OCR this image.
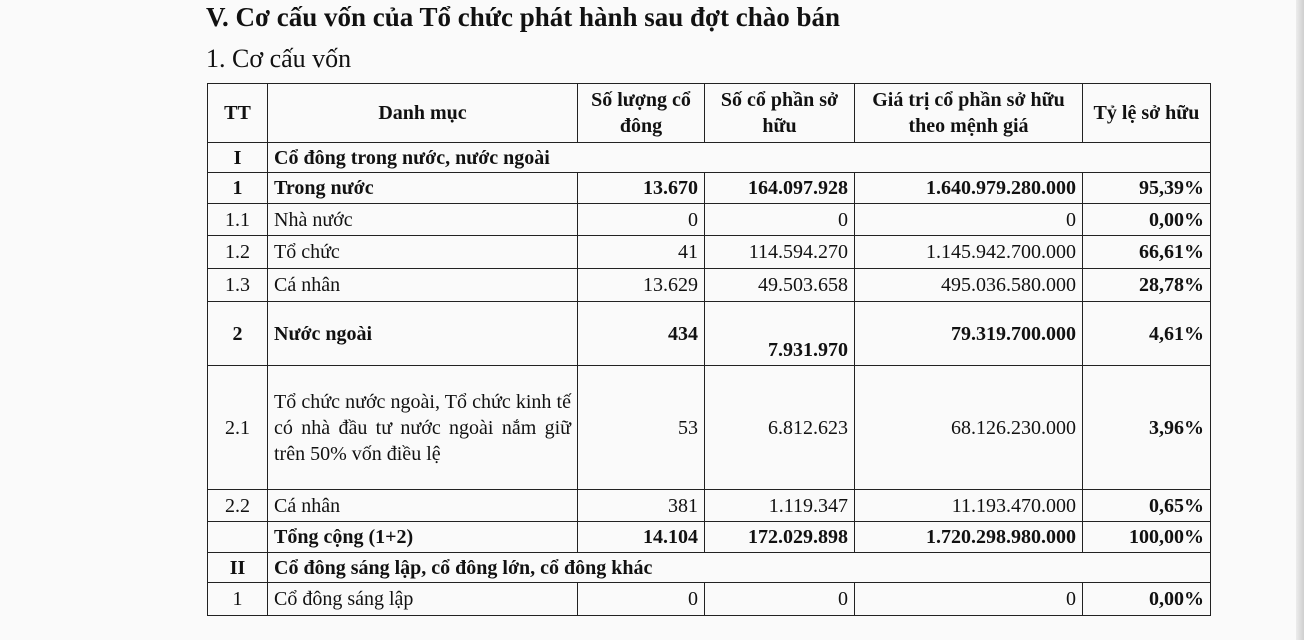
V. Cơ cấu vốn của Tổ chức phát hành sau đợt chào bán
1. Cơ cấu vốn
TT	Danh mục	Số lượng cổ đông	Số cổ phần sở hữu	Giá trị cổ phần sở hữu theo mệnh giá	Tỷ lệ sở hữu
I	Cổ đông trong nước, nước ngoài				
1	Trong nước	13.670	164.097.928	1.640.979.280.000	95,39%
1.1	Nhà nước	0	0	0	0,00%
1.2	Tổ chức	41	114.594.270	1.145.942.700.000	66,61%
1.3	Cá nhân	13.629	49.503.658	495.036.580.000	28,78%
2	Nước ngoài	434	7.931.970	79.319.700.000	4,61%
2.1	Tổ chức nước ngoài, Tổ chức kinh tế có nhà đầu tư nước ngoài nắm giữ trên 50% vốn điều lệ	53	6.812.623	68.126.230.000	3,96%
2.2	Cá nhân	381	1.119.347	11.193.470.000	0,65%
	Tổng cộng (1+2)	14.104	172.029.898	1.720.298.980.000	100,00%
II	Cổ đông sáng lập, cổ đông lớn, cổ đông khác				
1	Cổ đông sáng lập	0	0	0	0,00%
